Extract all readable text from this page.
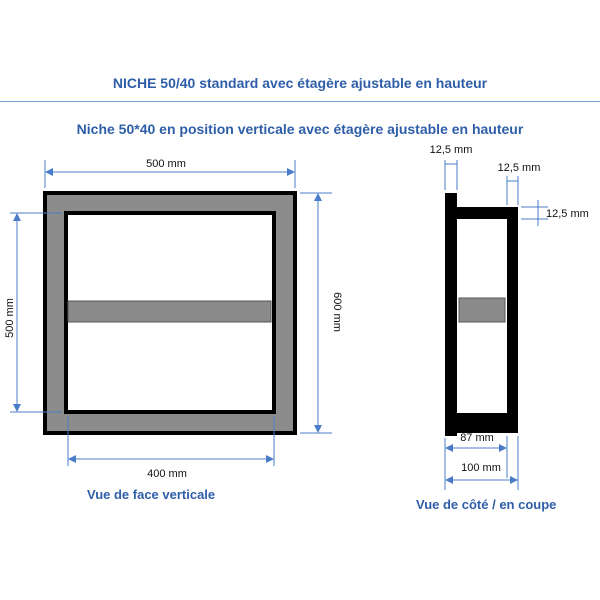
NICHE 50/40 standard avec étagère ajustable en hauteur
Niche 50*40 en position verticale avec étagère ajustable en hauteur
500 mm
400 mm
500 mm	600 mm
12,5 mm
12,5 mm
12,5 mm
87 mm
100 mm
Vue de face verticale
Vue de côté / en coupe
